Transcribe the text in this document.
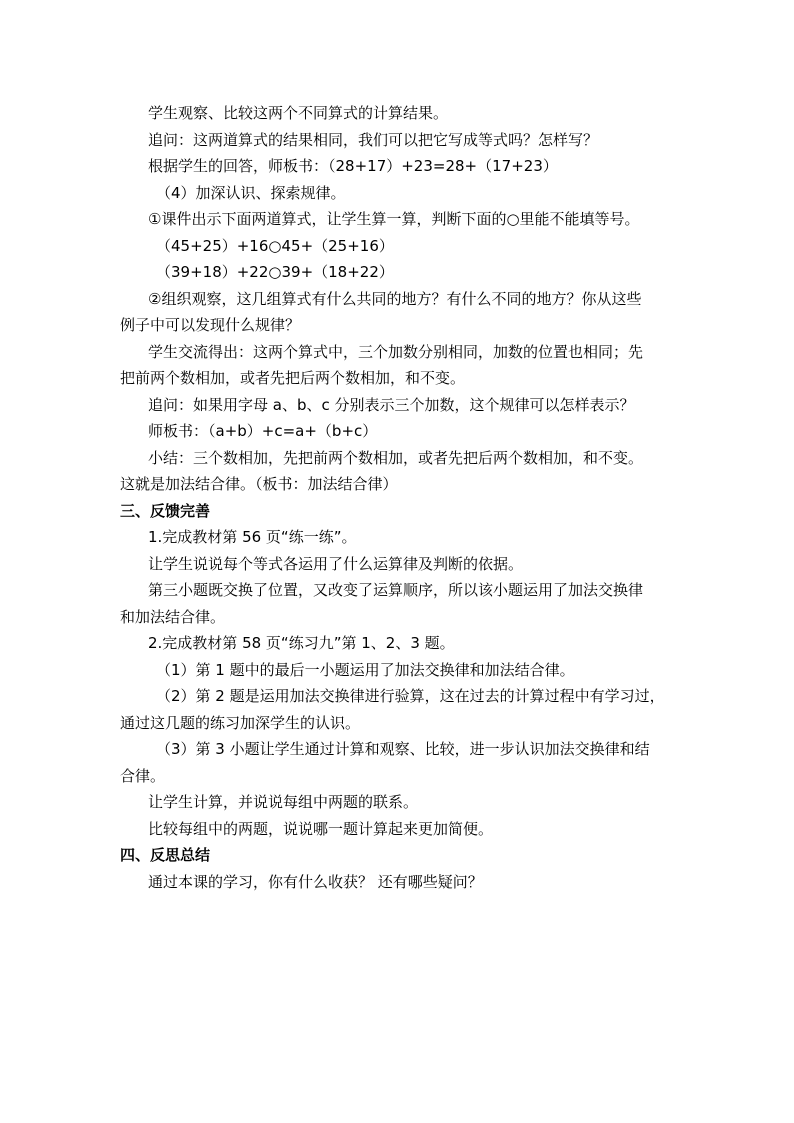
学生观察、比较这两个不同算式的计算结果。
追问：这两道算式的结果相同，我们可以把它写成等式吗？怎样写？
根据学生的回答，师板书：（28+17）+23=28+（17+23）
（4）加深认识、探索规律。
①课件出示下面两道算式，让学生算一算，判断下面的○里能不能填等号。
（45+25）+16○45+（25+16）
（39+18）+22○39+（18+22）
②组织观察，这几组算式有什么共同的地方？有什么不同的地方？你从这些
例子中可以发现什么规律？
学生交流得出：这两个算式中，三个加数分别相同，加数的位置也相同；先
把前两个数相加，或者先把后两个数相加，和不变。
追问：如果用字母 a、b、c 分别表示三个加数，这个规律可以怎样表示？
师板书：（a+b）+c=a+（b+c）
小结：三个数相加，先把前两个数相加，或者先把后两个数相加，和不变。
这就是加法结合律。（板书：加法结合律）
三、反馈完善
1.完成教材第 56 页“练一练”。
让学生说说每个等式各运用了什么运算律及判断的依据。
第三小题既交换了位置，又改变了运算顺序，所以该小题运用了加法交换律
和加法结合律。
2.完成教材第 58 页“练习九”第 1、2、3 题。
（1）第 1 题中的最后一小题运用了加法交换律和加法结合律。
（2）第 2 题是运用加法交换律进行验算，这在过去的计算过程中有学习过，
通过这几题的练习加深学生的认识。
（3）第 3 小题让学生通过计算和观察、比较，进一步认识加法交换律和结
合律。
让学生计算，并说说每组中两题的联系。
比较每组中的两题，说说哪一题计算起来更加简便。
四、反思总结
通过本课的学习，你有什么收获？ 还有哪些疑问？
